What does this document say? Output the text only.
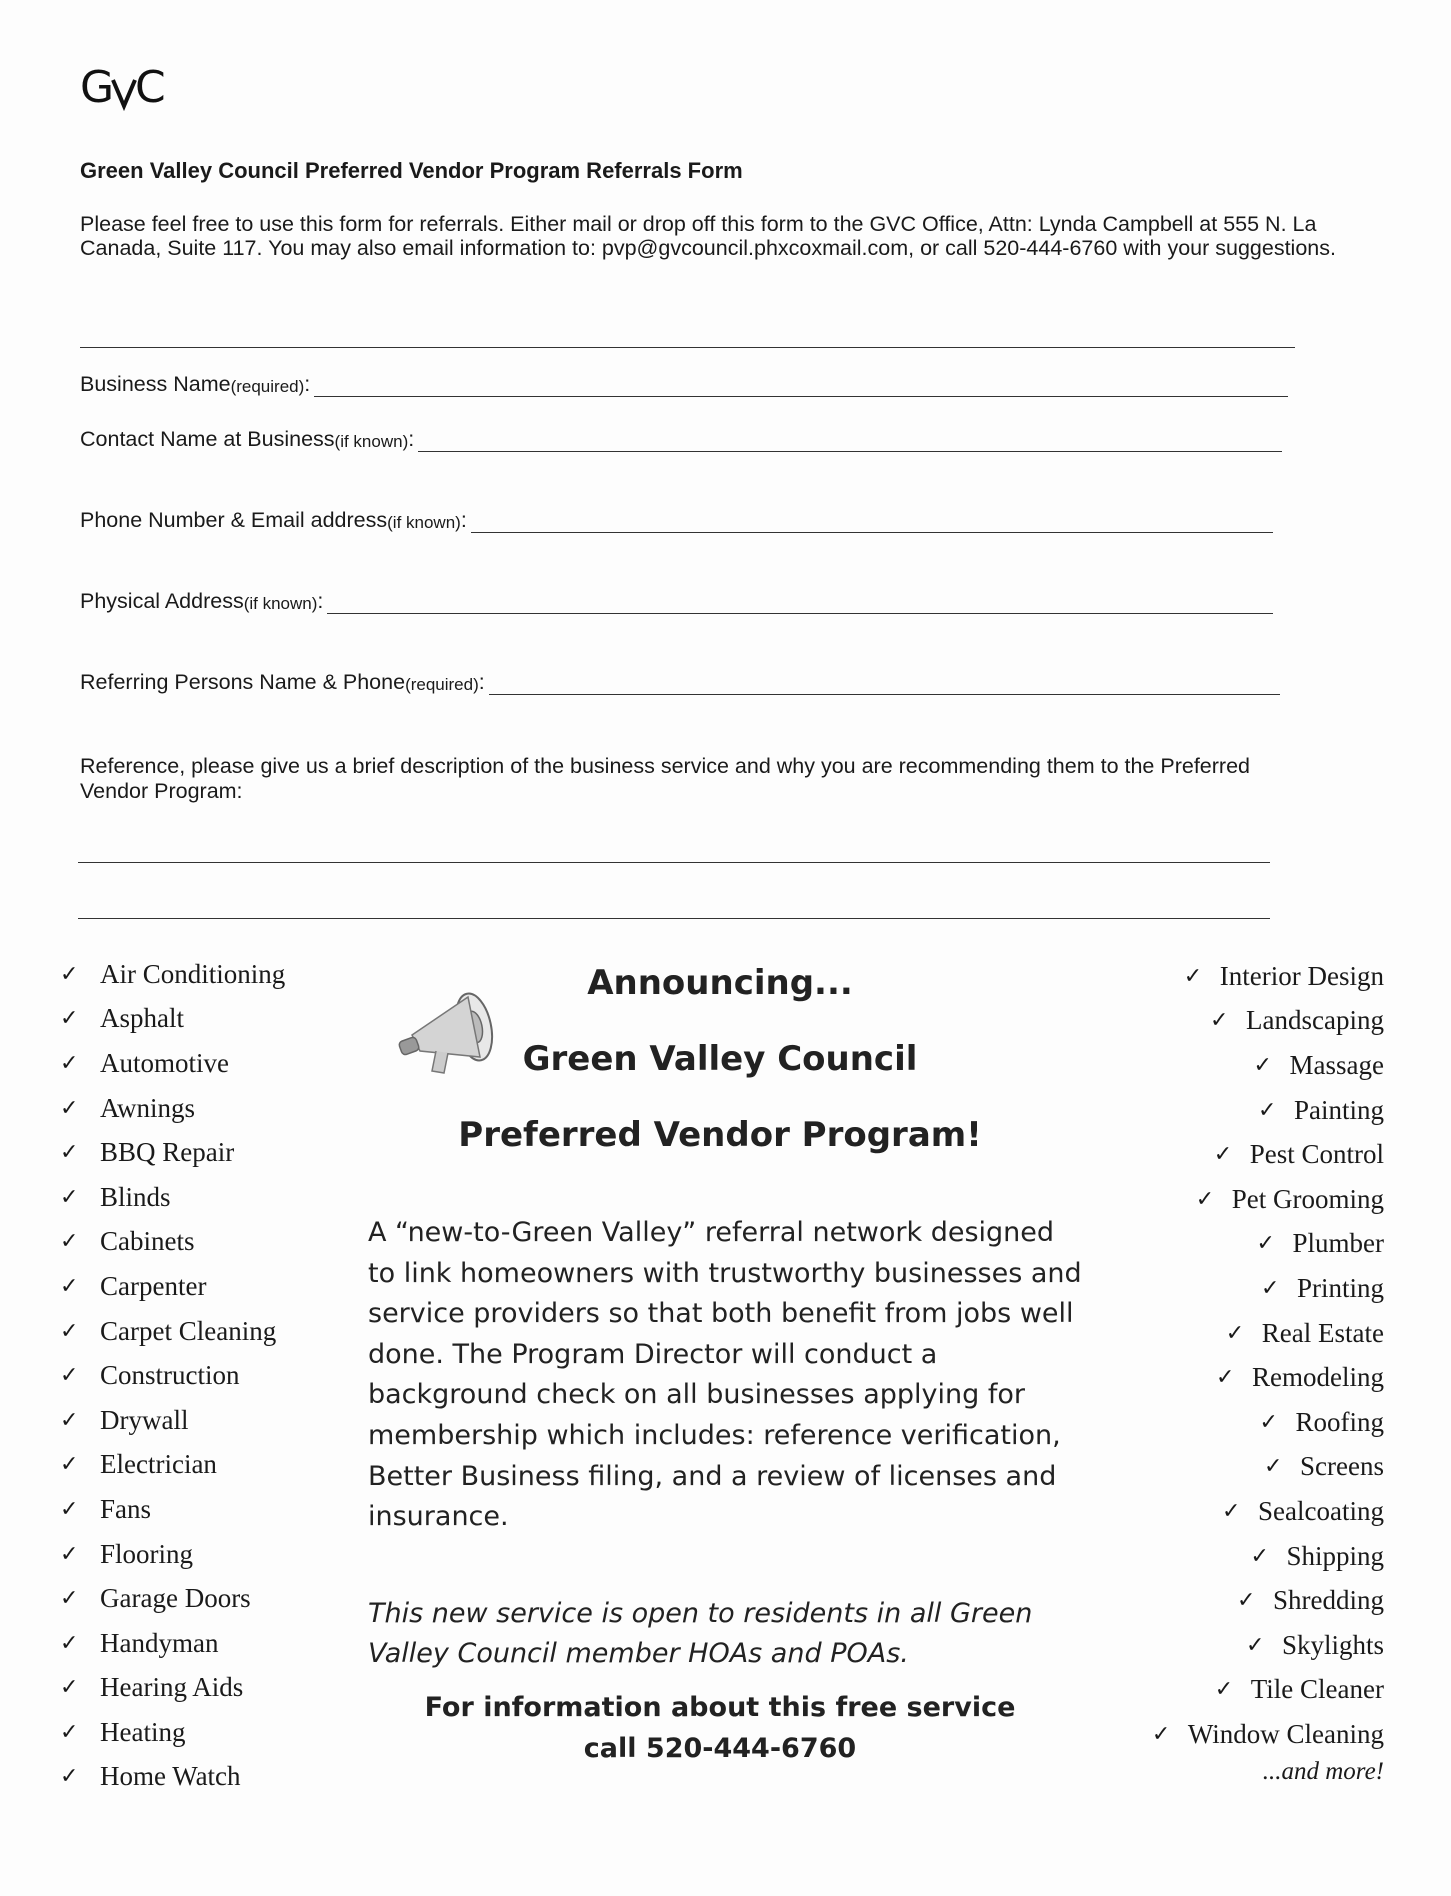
G C
Green Valley Council Preferred Vendor Program Referrals Form
Please feel free to use this form for referrals. Either mail or drop off this form to the GVC Office, Attn: Lynda Campbell at 555 N. La Canada, Suite 117. You may also email information to: pvp@gvcouncil.phxcoxmail.com, or call 520-444-6760 with your suggestions.
Business Name (required) :
Contact Name at Business (if known) :
Phone Number & Email address (if known) :
Physical Address (if known) :
Referring Persons Name & Phone (required) :
Reference, please give us a brief description of the business service and why you are recommending them to the Preferred Vendor Program:
✓ Air Conditioning
✓ Asphalt
✓ Automotive
✓ Awnings
✓ BBQ Repair
✓ Blinds
✓ Cabinets
✓ Carpenter
✓ Carpet Cleaning
✓ Construction
✓ Drywall
✓ Electrician
✓ Fans
✓ Flooring
✓ Garage Doors
✓ Handyman
✓ Hearing Aids
✓ Heating
✓ Home Watch
Announcing...
Green Valley Council
Preferred Vendor Program!
A “new-to-Green Valley” referral network designed to link homeowners with trustworthy businesses and service providers so that both benefit from jobs well done. The Program Director will conduct a background check on all businesses applying for membership which includes: reference verification, Better Business filing, and a review of licenses and insurance.
This new service is open to residents in all Green Valley Council member HOAs and POAs.
For information about this free service
call 520-444-6760
✓ Interior Design
✓ Landscaping
✓ Massage
✓ Painting
✓ Pest Control
✓ Pet Grooming
✓ Plumber
✓ Printing
✓ Real Estate
✓ Remodeling
✓ Roofing
✓ Screens
✓ Sealcoating
✓ Shipping
✓ Shredding
✓ Skylights
✓ Tile Cleaner
✓ Window Cleaning
...and more!
